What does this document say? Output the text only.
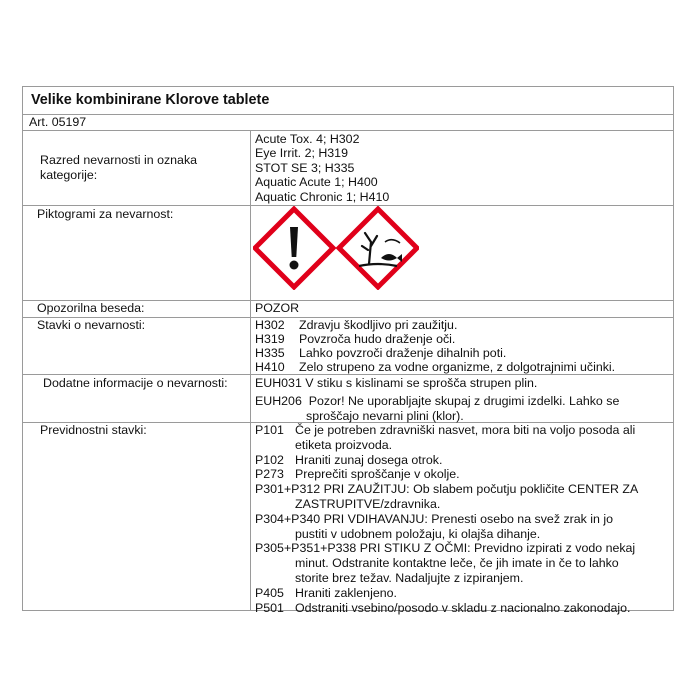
Velike kombinirane Klorove tablete
Art. 05197
Razred nevarnosti in oznaka
kategorije:
Acute Tox. 4; H302
Eye Irrit. 2; H319
STOT SE 3; H335
Aquatic Acute 1; H400
Aquatic Chronic 1; H410
Piktogrami za nevarnost:
Opozorilna beseda:	POZOR
Stavki o nevarnosti:	H302	Zdravju škodljivo pri zaužitju.
H319	Povzroča hudo draženje oči.
H335	Lahko povzroči draženje dihalnih poti.
H410	Zelo strupeno za vodne organizme, z dolgotrajnimi učinki.
Dodatne informacije o nevarnosti: EUH031 V stiku s kislinami se sprošča strupen plin.
EUH206 Pozor! Ne uporabljajte skupaj z drugimi izdelki. Lahko se
sproščajo nevarni plini (klor).
Previdnostni stavki:	P101 Če je potreben zdravniški nasvet, mora biti na voljo posoda ali
etiketa proizvoda.
P102 Hraniti zunaj dosega otrok.
P273 Preprečiti sproščanje v okolje.
P301+P312 PRI ZAUŽITJU: Ob slabem počutju pokličite CENTER ZA
ZASTRUPITVE/zdravnika.
P304+P340 PRI VDIHAVANJU: Prenesti osebo na svež zrak in jo
pustiti v udobnem položaju, ki olajša dihanje.
P305+P351+P338 PRI STIKU Z OČMI: Previdno izpirati z vodo nekaj
minut. Odstranite kontaktne leče, če jih imate in če to lahko
storite brez težav. Nadaljujte z izpiranjem.
P405 Hraniti zaklenjeno.
P501 Odstraniti vsebino/posodo v skladu z nacionalno zakonodajo.
